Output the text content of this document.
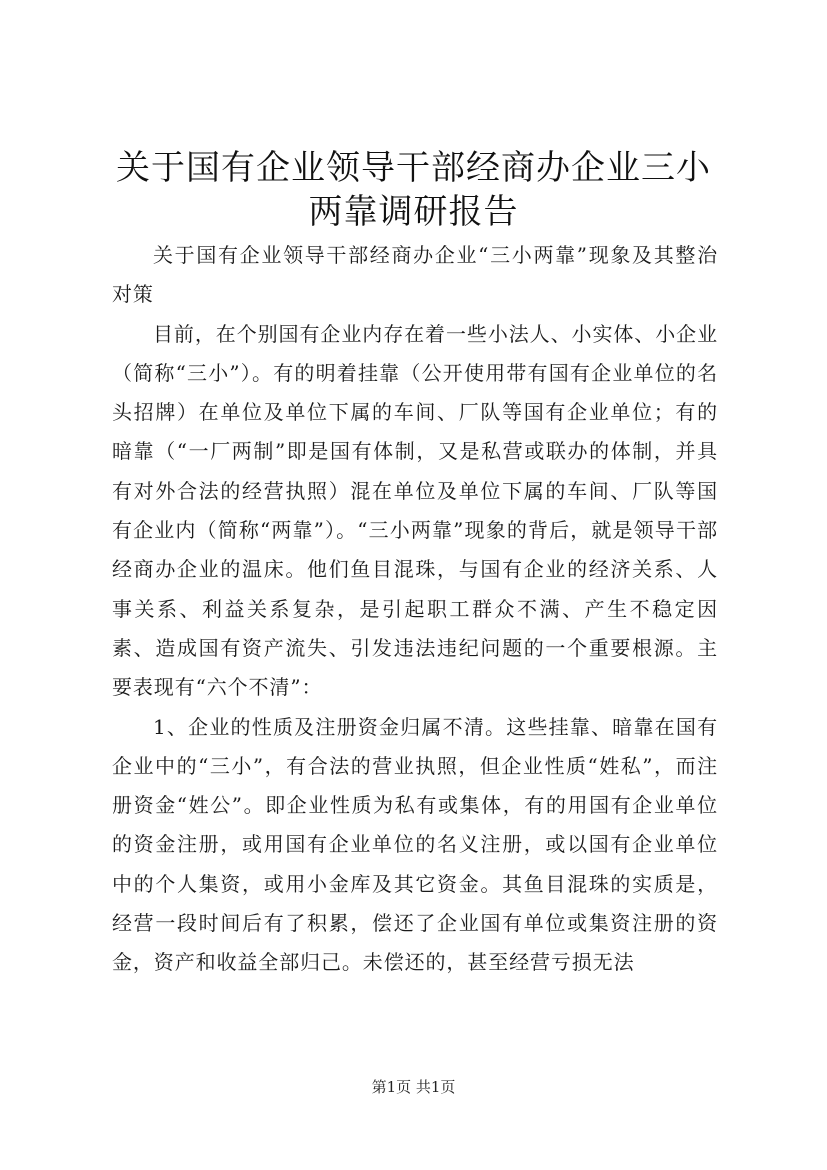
关于国有企业领导干部经商办企业三小两靠调研报告

关于国有企业领导干部经商办企业“三小两靠”现象及其整治对策

目前，在个别国有企业内存在着一些小法人、小实体、小企业（简称“三小”）。有的明着挂靠（公开使用带有国有企业单位的名头招牌）在单位及单位下属的车间、厂队等国有企业单位；有的暗靠（“一厂两制”即是国有体制，又是私营或联办的体制，并具有对外合法的经营执照）混在单位及单位下属的车间、厂队等国有企业内（简称“两靠”）。“三小两靠”现象的背后，就是领导干部经商办企业的温床。他们鱼目混珠，与国有企业的经济关系、人事关系、利益关系复杂，是引起职工群众不满、产生不稳定因素、造成国有资产流失、引发违法违纪问题的一个重要根源。主要表现有“六个不清”：

1、企业的性质及注册资金归属不清。这些挂靠、暗靠在国有企业中的“三小”，有合法的营业执照，但企业性质“姓私”，而注册资金“姓公”。即企业性质为私有或集体，有的用国有企业单位的资金注册，或用国有企业单位的名义注册，或以国有企业单位中的个人集资，或用小金库及其它资金。其鱼目混珠的实质是，经营一段时间后有了积累，偿还了企业国有单位或集资注册的资金，资产和收益全部归己。未偿还的，甚至经营亏损无法

第1页 共1页
